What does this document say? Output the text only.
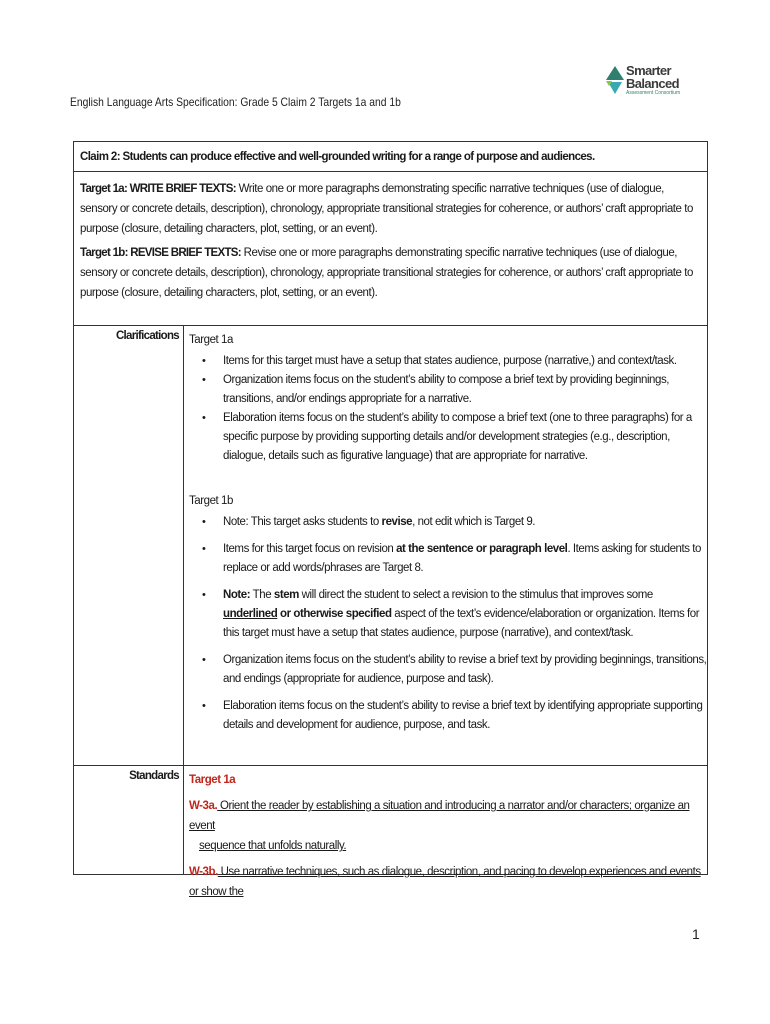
Smarter
Balanced
Assessment Consortium
English Language Arts Specification: Grade 5 Claim 2 Targets 1a and 1b
Claim 2: Students can produce effective and well-grounded writing for a range of purpose and audiences.

Target 1a: WRITE BRIEF TEXTS: Write one or more paragraphs demonstrating specific narrative techniques (use of dialogue, sensory or concrete details, description), chronology, appropriate transitional strategies for coherence, or authors’ craft appropriate to purpose (closure, detailing characters, plot, setting, or an event).

Target 1b: REVISE BRIEF TEXTS: Revise one or more paragraphs demonstrating specific narrative techniques (use of dialogue, sensory or concrete details, description), chronology, appropriate transitional strategies for coherence, or authors’ craft appropriate to purpose (closure, detailing characters, plot, setting, or an event).

Clarifications Target 1a
• Items for this target must have a setup that states audience, purpose (narrative,) and context/task.
• Organization items focus on the student’s ability to compose a brief text by providing beginnings, transitions, and/or endings appropriate for a narrative.
• Elaboration items focus on the student’s ability to compose a brief text (one to three paragraphs) for a specific purpose by providing supporting details and/or development strategies (e.g., description, dialogue, details such as figurative language) that are appropriate for narrative.
Target 1b
• Note: This target asks students to revise, not edit which is Target 9.
• Items for this target focus on revision at the sentence or paragraph level. Items asking for students to replace or add words/phrases are Target 8.
• Note: The stem will direct the student to select a revision to the stimulus that improves some underlined or otherwise specified aspect of the text’s evidence/elaboration or organization. Items for this target must have a setup that states audience, purpose (narrative), and context/task.
• Organization items focus on the student’s ability to revise a brief text by providing beginnings, transitions, and endings (appropriate for audience, purpose and task).
• Elaboration items focus on the student’s ability to revise a brief text by identifying appropriate supporting details and development for audience, purpose, and task.
Standards Target 1a
W-3a. Orient the reader by establishing a situation and introducing a narrator and/or characters; organize an event
sequence that unfolds naturally.
W-3b. Use narrative techniques, such as dialogue, description, and pacing to develop experiences and events or show the
1
